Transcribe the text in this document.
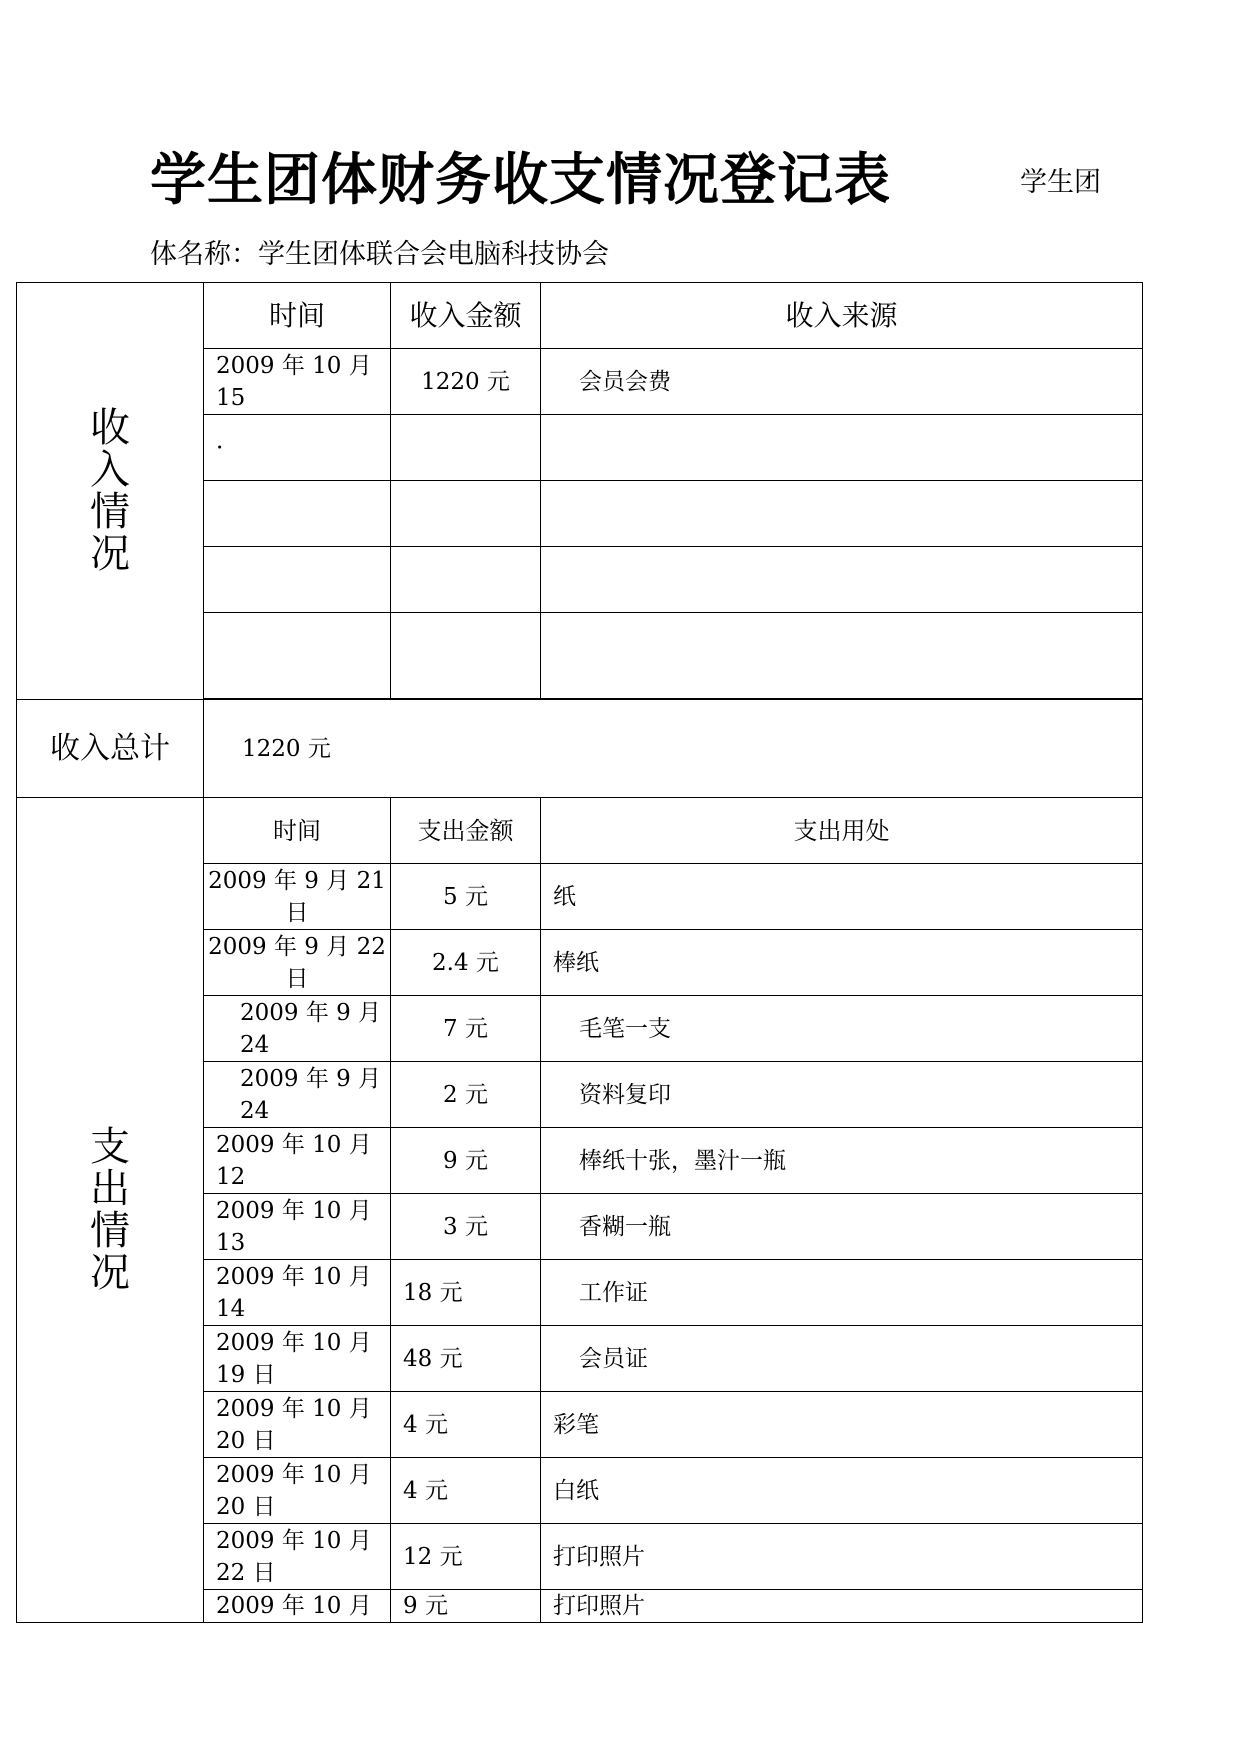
学生团体财务收支情况登记表	学生团
体名称：学生团体联合会电脑科技协会
收入情况	时间	收入金额	收入来源
	2009 年 10 月 15	1220 元	会员会费
	·		

收入总计	1220 元		
支出情况	时间	支出金额	支出用处
	2009 年 9 月 21 日	5 元	纸
	2009 年 9 月 22 日	2.4 元	棒纸
	2009 年 9 月 24	7 元	毛笔一支
	2009 年 9 月 24	2 元	资料复印
	2009 年 10 月 12	9 元	棒纸十张，墨汁一瓶
	2009 年 10 月 13	3 元	香糊一瓶
	2009 年 10 月 14	18 元	工作证
	2009 年 10 月 19 日	48 元	会员证
	2009 年 10 月 20 日	4 元	彩笔
	2009 年 10 月 20 日	4 元	白纸
	2009 年 10 月 22 日	12 元	打印照片
	2009 年 10 月	9 元	打印照片
